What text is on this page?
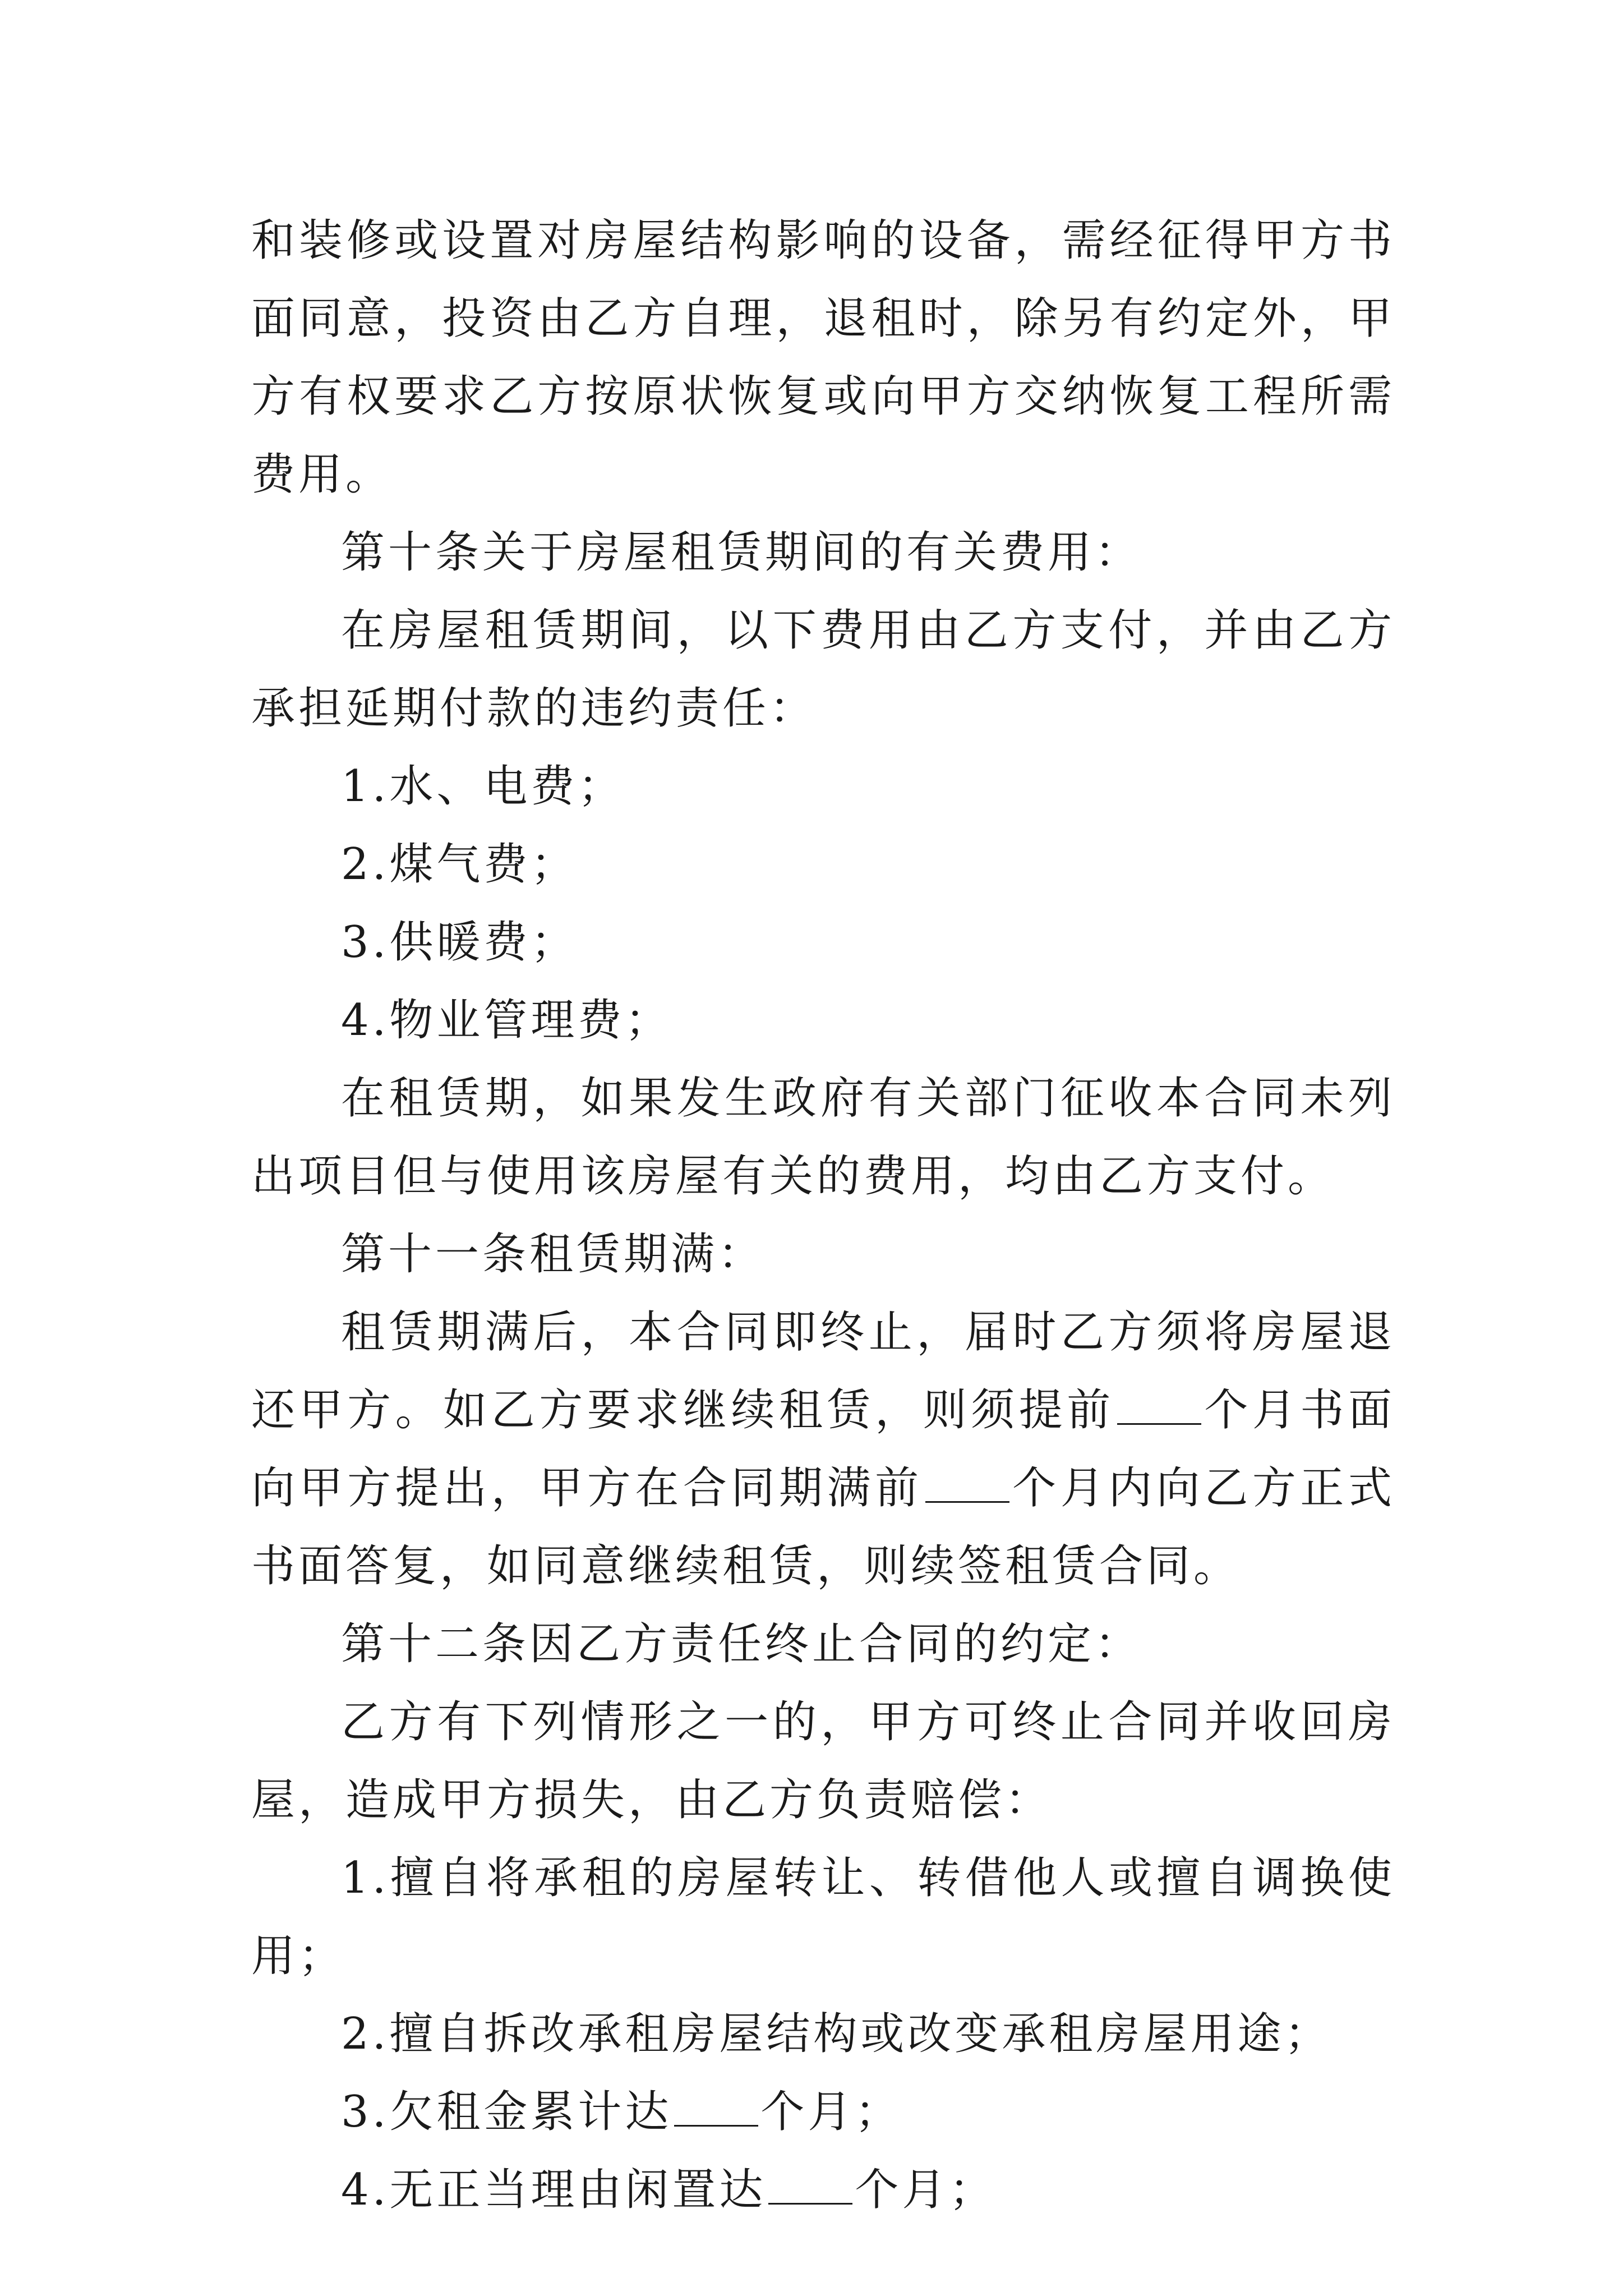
和装修或设置对房屋结构影响的设备，需经征得甲方书面同意，投资由乙方自理，退租时，除另有约定外，甲方有权要求乙方按原状恢复或向甲方交纳恢复工程所需费用。

第十条关于房屋租赁期间的有关费用：

在房屋租赁期间，以下费用由乙方支付，并由乙方承担延期付款的违约责任：

1.水、电费；

2.煤气费；

3.供暖费；

4.物业管理费；

在租赁期，如果发生政府有关部门征收本合同未列出项目但与使用该房屋有关的费用，均由乙方支付。

第十一条租赁期满：

租赁期满后，本合同即终止，届时乙方须将房屋退还甲方。如乙方要求继续租赁，则须提前 个月书面向甲方提出，甲方在合同期满前 个月内向乙方正式书面答复，如同意继续租赁，则续签租赁合同。

第十二条因乙方责任终止合同的约定：

乙方有下列情形之一的，甲方可终止合同并收回房屋，造成甲方损失，由乙方负责赔偿：

1.擅自将承租的房屋转让、转借他人或擅自调换使用；

2.擅自拆改承租房屋结构或改变承租房屋用途；

3.欠租金累计达 个月；

4.无正当理由闲置达 个月；
